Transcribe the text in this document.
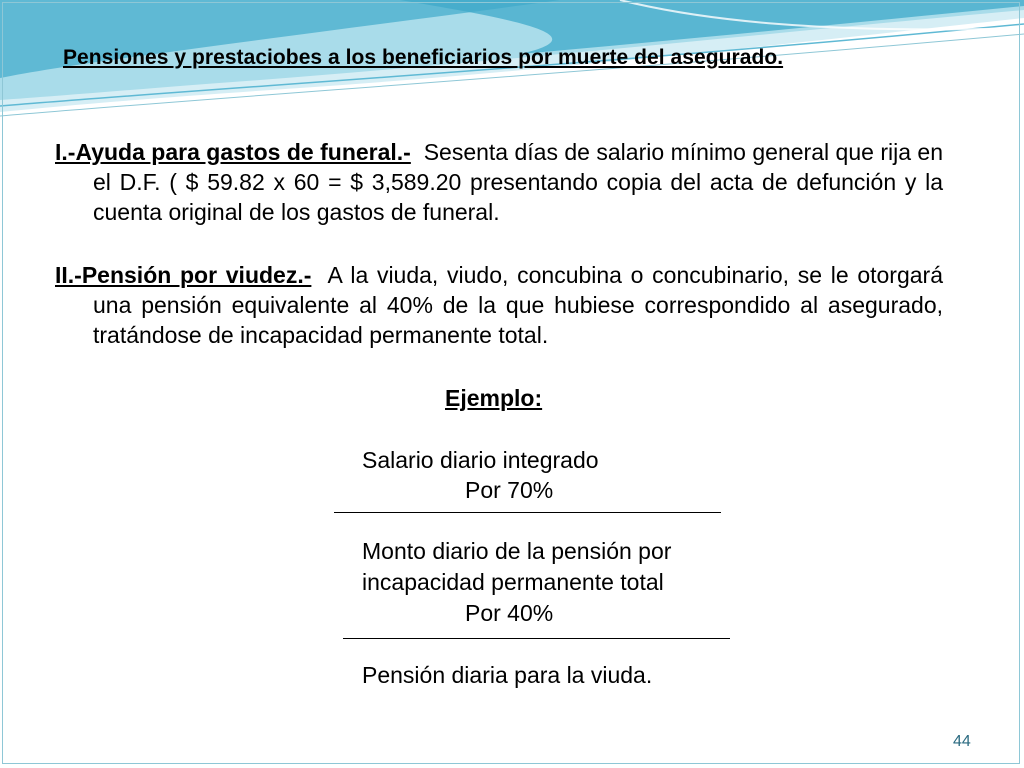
Pensiones y prestaciobes a los beneficiarios por muerte del asegurado.
I.-Ayuda para gastos de funeral.- Sesenta días de salario mínimo general que rija en el D.F. ( $ 59.82 x 60 = $ 3,589.20 presentando copia del acta de defunción y la cuenta original de los gastos de funeral.
II.-Pensión por viudez.- A la viuda, viudo, concubina o concubinario, se le otorgará una pensión equivalente al 40% de la que hubiese correspondido al asegurado, tratándose de incapacidad permanente total.
Ejemplo:
Salario diario integrado
Por 70%
Monto diario de la pensión por
incapacidad permanente total
Por 40%
Pensión diaria para la viuda.
44
